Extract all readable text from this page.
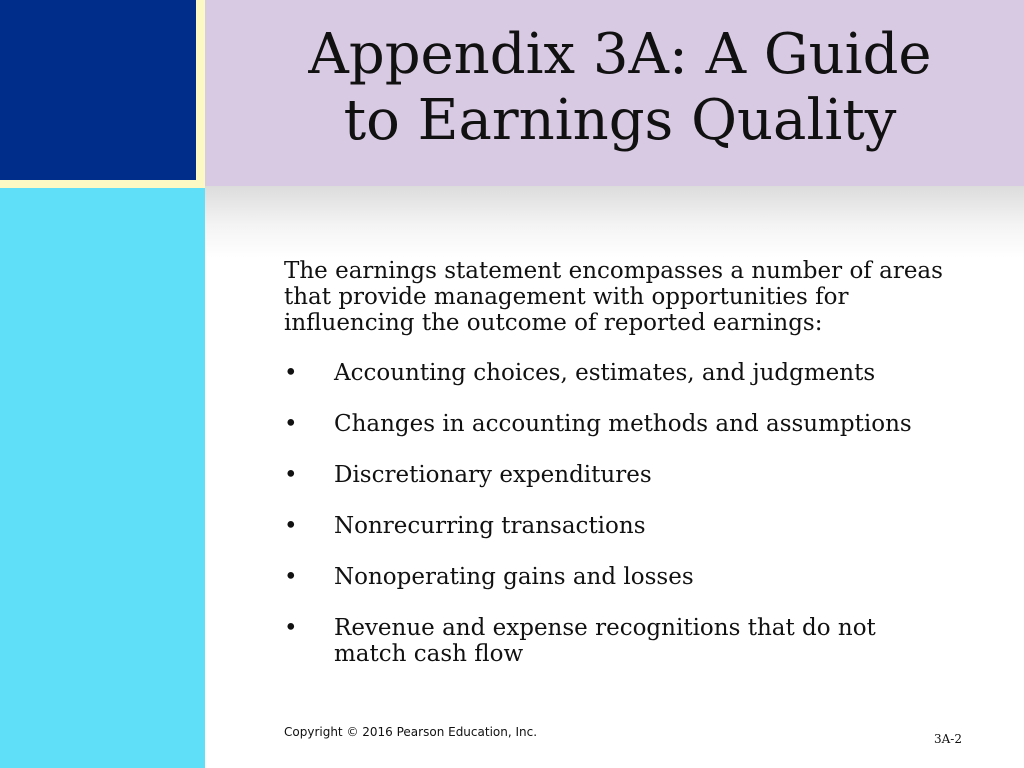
Appendix 3A: A Guide
to Earnings Quality

The earnings statement encompasses a number of areas that provide management with opportunities for influencing the outcome of reported earnings:

•	Accounting choices, estimates, and judgments
•	Changes in accounting methods and assumptions
•	Discretionary expenditures
•	Nonrecurring transactions
•	Nonoperating gains and losses
•	Revenue and expense recognitions that do not match cash flow
Copyright © 2016 Pearson Education, Inc.	3A-2
